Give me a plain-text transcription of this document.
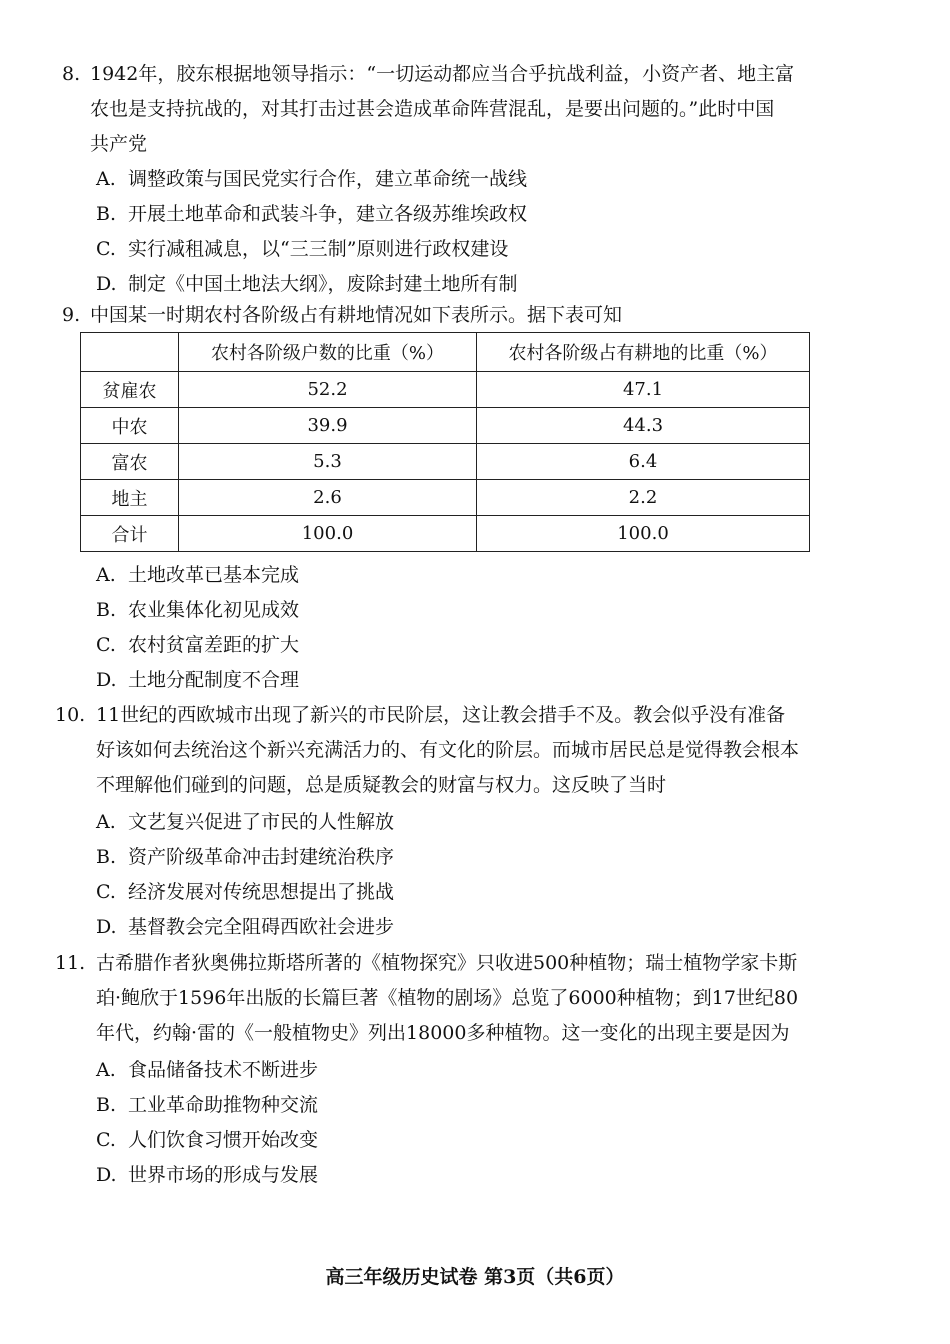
8. 1942年，胶东根据地领导指示：“一切运动都应当合乎抗战利益，小资产者、地主富
农也是支持抗战的，对其打击过甚会造成革命阵营混乱，是要出问题的。”此时中国
共产党
A. 调整政策与国民党实行合作，建立革命统一战线
B. 开展土地革命和武装斗争，建立各级苏维埃政权
C. 实行减租减息，以“三三制”原则进行政权建设
D. 制定《中国土地法大纲》，废除封建土地所有制
9. 中国某一时期农村各阶级占有耕地情况如下表所示。据下表可知
	农村各阶级户数的比重（%）	农村各阶级占有耕地的比重（%）
贫雇农	52.2	47.1
中农	39.9	44.3
富农	5.3	6.4
地主	2.6	2.2
合计	100.0	100.0
A. 土地改革已基本完成
B. 农业集体化初见成效
C. 农村贫富差距的扩大
D. 土地分配制度不合理
10. 11世纪的西欧城市出现了新兴的市民阶层，这让教会措手不及。教会似乎没有准备
好该如何去统治这个新兴充满活力的、有文化的阶层。而城市居民总是觉得教会根本
不理解他们碰到的问题，总是质疑教会的财富与权力。这反映了当时
A. 文艺复兴促进了市民的人性解放
B. 资产阶级革命冲击封建统治秩序
C. 经济发展对传统思想提出了挑战
D. 基督教会完全阻碍西欧社会进步
11. 古希腊作者狄奥佛拉斯塔所著的《植物探究》只收进500种植物；瑞士植物学家卡斯
珀·鲍欣于1596年出版的长篇巨著《植物的剧场》总览了6000种植物；到17世纪80
年代，约翰·雷的《一般植物史》列出18000多种植物。这一变化的出现主要是因为
A. 食品储备技术不断进步
B. 工业革命助推物种交流
C. 人们饮食习惯开始改变
D. 世界市场的形成与发展
高三年级历史试卷 第3页（共6页）
